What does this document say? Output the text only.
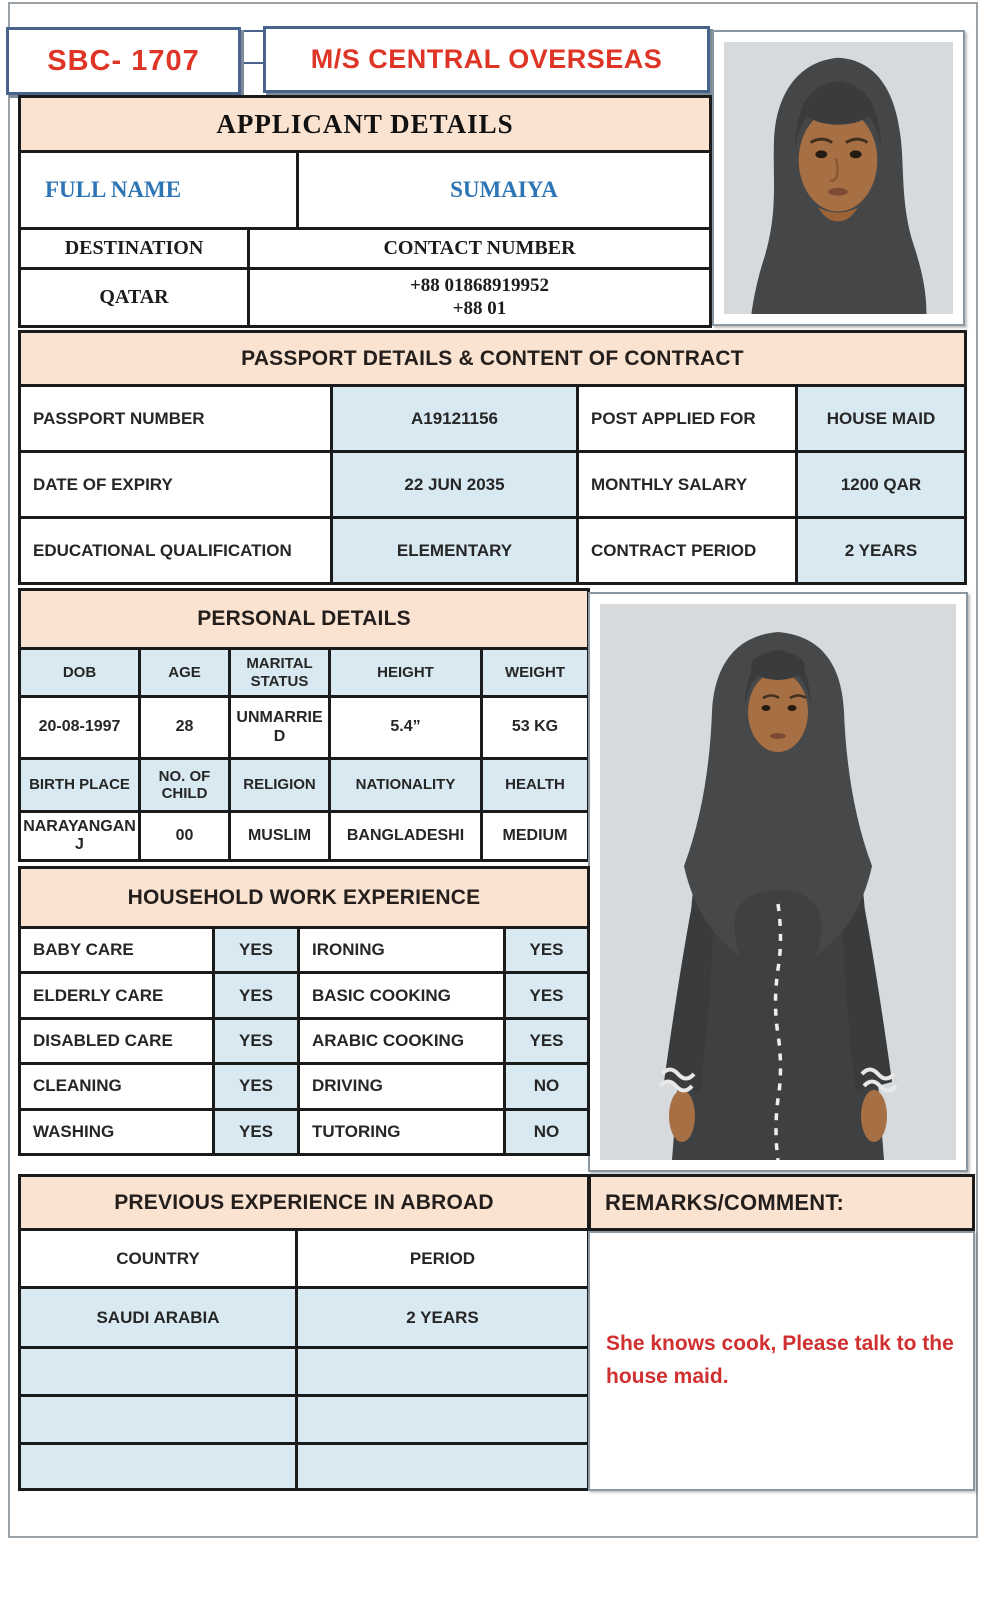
SBC- 1707	M/S CENTRAL OVERSEAS
APPLICANT DETAILS
FULL NAME	SUMAIYA
DESTINATION	CONTACT NUMBER
QATAR	+88 01868919952
+88 01
PASSPORT DETAILS & CONTENT OF CONTRACT
PASSPORT NUMBER	A19121156	POST APPLIED FOR	HOUSE MAID
DATE OF EXPIRY	22 JUN 2035	MONTHLY SALARY	1200 QAR
EDUCATIONAL QUALIFICATION	ELEMENTARY	CONTRACT PERIOD	2 YEARS
PERSONAL DETAILS
DOB	AGE	MARITAL STATUS	HEIGHT	WEIGHT
20-08-1997	28	UNMARRIED	5.4”	53 KG
BIRTH PLACE	NO. OF CHILD	RELIGION	NATIONALITY	HEALTH
NARAYANGANJ	00	MUSLIM	BANGLADESHI	MEDIUM
HOUSEHOLD WORK EXPERIENCE
BABY CARE	YES	IRONING	YES
ELDERLY CARE	YES	BASIC COOKING	YES
DISABLED CARE	YES	ARABIC COOKING	YES
CLEANING	YES	DRIVING	NO
WASHING	YES	TUTORING	NO
PREVIOUS EXPERIENCE IN ABROAD
COUNTRY	PERIOD
SAUDI ARABIA	2 YEARS

REMARKS/COMMENT:
She knows cook, Please talk to the house maid.
